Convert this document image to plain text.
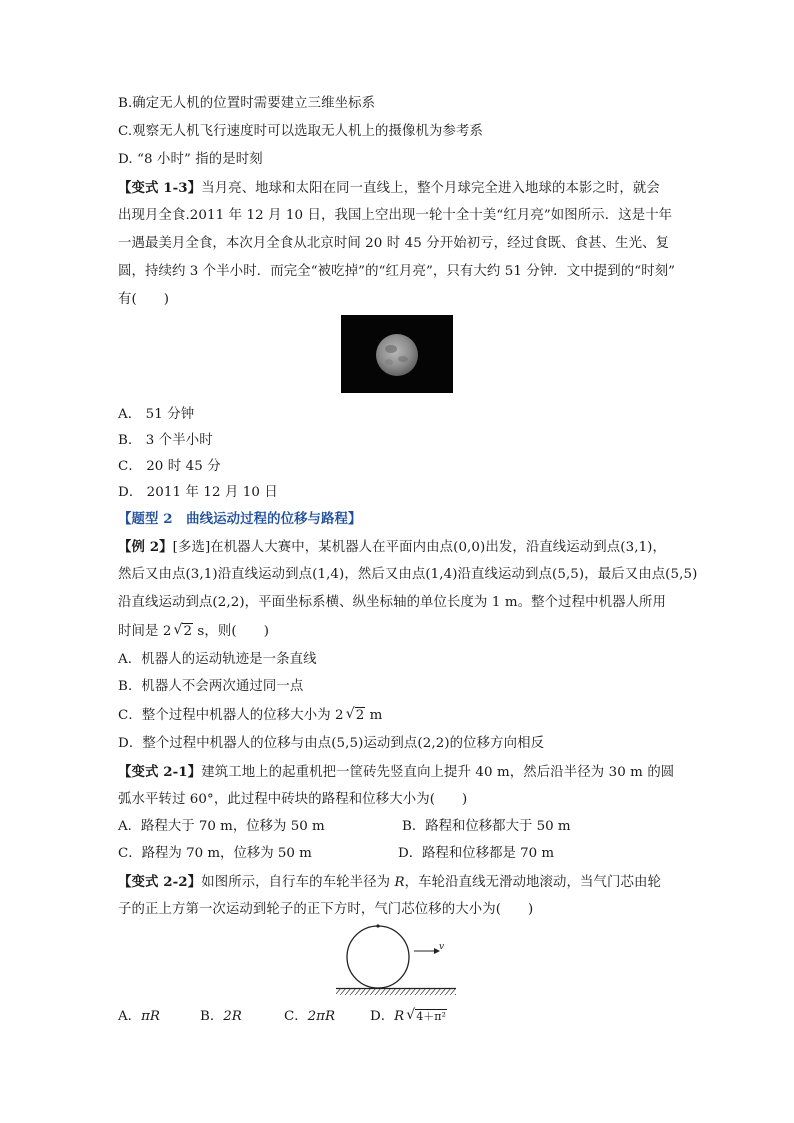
B.确定无人机的位置时需要建立三维坐标系

C.观察无人机飞行速度时可以选取无人机上的摄像机为参考系

D. “8 小时” 指的是时刻

【变式 1-3】当月亮、地球和太阳在同一直线上，整个月球完全进入地球的本影之时，就会

出现月全食.2011 年 12 月 10 日，我国上空出现一轮十全十美“红月亮”如图所示．这是十年

一遇最美月全食，本次月全食从北京时间 20 时 45 分开始初亏，经过食既、食甚、生光、复

圆，持续约 3 个半小时．而完全“被吃掉”的“红月亮”，只有大约 51 分钟．文中提到的“时刻”

有(　　)

A． 51 分钟

B． 3 个半小时

C． 20 时 45 分

D． 2011 年 12 月 10 日

【题型 2　曲线运动过程的位移与路程】

【例 2】[多选]在机器人大赛中，某机器人在平面内由点(0,0)出发，沿直线运动到点(3,1)，

然后又由点(3,1)沿直线运动到点(1,4)，然后又由点(1,4)沿直线运动到点(5,5)，最后又由点(5,5)

沿直线运动到点(2,2)，平面坐标系横、纵坐标轴的单位长度为 1 m。整个过程中机器人所用

时间是 2 √ 2 s，则(　　)

A．机器人的运动轨迹是一条直线

B．机器人不会两次通过同一点

C．整个过程中机器人的位移大小为 2 √ 2 m

D．整个过程中机器人的位移与由点(5,5)运动到点(2,2)的位移方向相反

【变式 2-1】建筑工地上的起重机把一筐砖先竖直向上提升 40 m，然后沿半径为 30 m 的圆

弧水平转过 60°，此过程中砖块的路程和位移大小为(　　)

A．路程大于 70 m，位移为 50 m	B．路程和位移都大于 50 m

C．路程为 70 m，位移为 50 m	D．路程和位移都是 70 m

【变式 2-2】如图所示，自行车的车轮半径为 R，车轮沿直线无滑动地滚动，当气门芯由轮

子的正上方第一次运动到轮子的正下方时，气门芯位移的大小为(　　)

v

A．πR	B．2R	C．2πR	D．R √ 4＋π²
